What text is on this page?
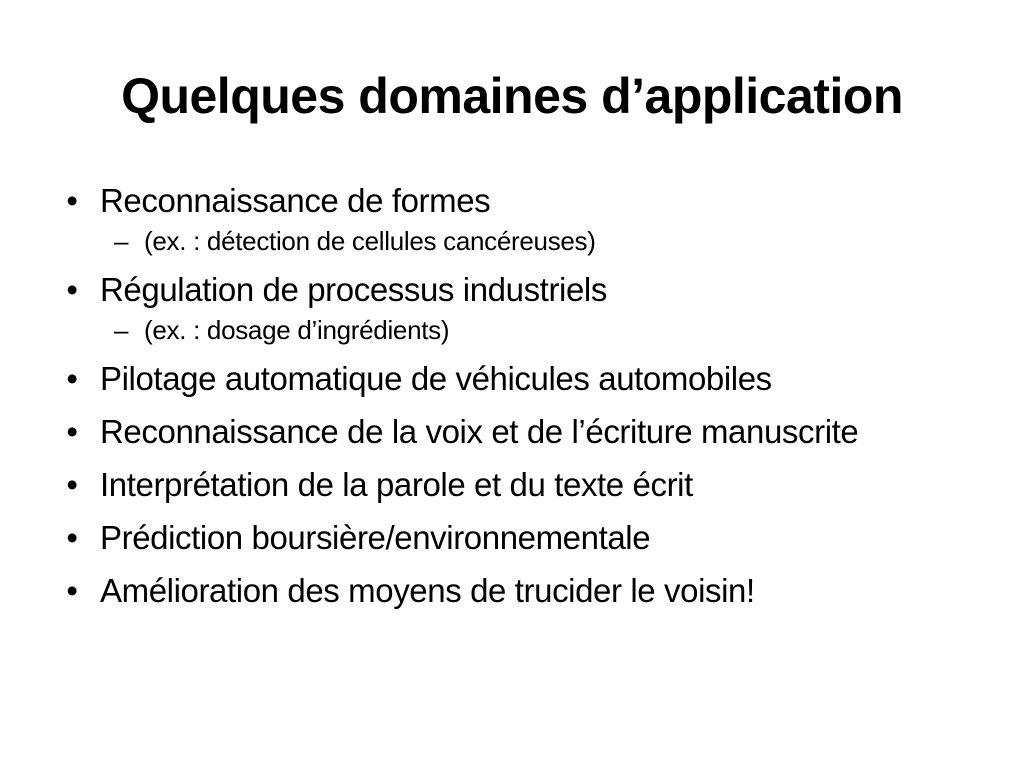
Quelques domaines d’application
• Reconnaissance de formes
– (ex. : détection de cellules cancéreuses)
• Régulation de processus industriels
– (ex. : dosage d’ingrédients)
• Pilotage automatique de véhicules automobiles
• Reconnaissance de la voix et de l’écriture manuscrite
• Interprétation de la parole et du texte écrit
• Prédiction boursière/environnementale
• Amélioration des moyens de trucider le voisin!
